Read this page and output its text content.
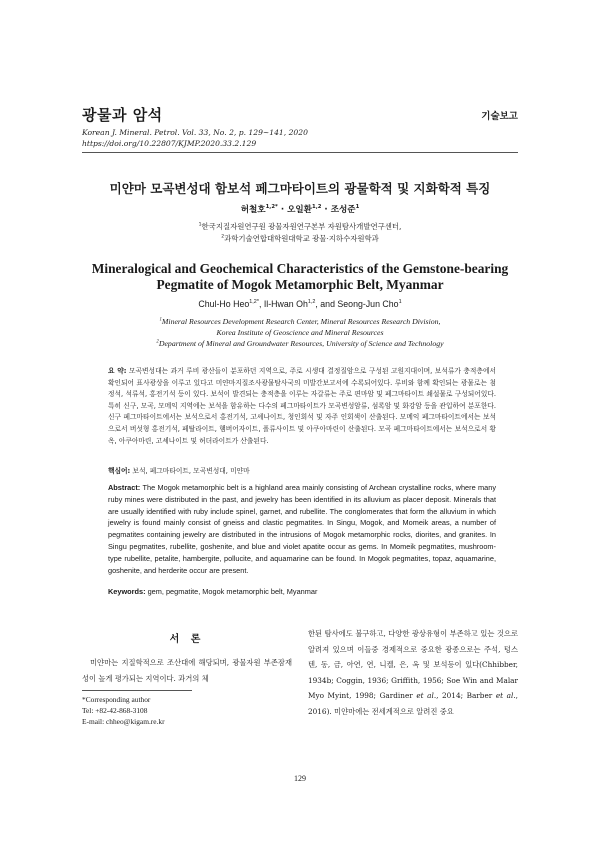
광물과 암석	기술보고
Korean J. Mineral. Petrol. Vol. 33, No. 2, p. 129~141, 2020
https://doi.org/10.22807/KJMP.2020.33.2.129
미얀마 모곡변성대 함보석 페그마타이트의 광물학적 및 지화학적 특징
허철호$^{1,2*}$ · 오일환$^{1,2}$ · 조성준$^1$
$^1$한국지질자원연구원 광물자원연구본부 자원탐사개발연구센터,
$^2$과학기술연합대학원대학교 광물·지하수자원학과
Mineralogical and Geochemical Characteristics of the Gemstone-bearing
Pegmatite of Mogok Metamorphic Belt, Myanmar
Chul-Ho Heo$^{1,2*}$, Il-Hwan Oh$^{1,2}$, and Seong-Jun Cho$^1$
$^1$Mineral Resources Development Research Center, Mineral Resources Research Division,
Korea Institute of Geoscience and Mineral Resources
$^2$Department of Mineral and Groundwater Resources, University of Science and Technology
요 약: 모곡변성대는 과거 루비 광산들이 분포하던 지역으로, 주로 시생대 결정질암으로 구성된 고원지대이며, 보석류가 충적층에서 확인되어 표사광상을 이루고 있다고 미얀마지질조사광물탐사국의 미발간보고서에 수록되어있다. 루비와 함께 확인되는 광물로는 첨정석, 석류석, 홍전기석 등이 있다. 보석이 발견되는 충적층을 이루는 자갈류는 주로 편마암 및 페그마타이트 쇄설물로 구성되어있다. 특히 신구, 모곡, 모메익 지역에는 보석을 함유하는 다수의 페그마타이트가 모곡변성암류, 섬록암 및 화강암 등을 관입하여 분포한다. 신구 페그마타이트에서는 보석으로서 홍전기석, 고셰나이트, 청인회석 및 자주 인회색이 산출된다. 모메익 페그마타이트에서는 보석으로서 버섯형 홍전기석, 페탈라이트, 햄버어자이트, 폴류사이트 및 아쿠아마린이 산출된다. 모곡 페그마타이트에서는 보석으로서 황옥, 아쿠아마린, 고셰나이트 및 허더라이트가 산출된다.
핵심어: 보석, 페그마타이트, 모곡변성대, 미얀마
Abstract: The Mogok metamorphic belt is a highland area mainly consisting of Archean crystalline rocks, where many ruby mines were distributed in the past, and jewelry has been identified in its alluvium as placer deposit. Minerals that are usually identified with ruby include spinel, garnet, and rubellite. The conglomerates that form the alluvium in which jewelry is found mainly consist of gneiss and clastic pegmatites. In Singu, Mogok, and Momeik areas, a number of pegmatites containing jewelry are distributed in the intrusions of Mogok metamorphic rocks, diorites, and granites. In Singu pegmatites, rubellite, goshenite, and blue and violet apatite occur as gems. In Momeik pegmatites, mushroom-type rubellite, petalite, hambergite, pollucite, and aquamarine can be found. In Mogok pegmatites, topaz, aquamarine, goshenite, and herderite occur are present.
Keywords: gem, pegmatite, Mogok metamorphic belt, Myanmar
서 론
미얀마는 지질학적으로 조산대에 해당되며, 광물자원 부존잠재성이 높게 평가되는 지역이다. 과거의 체
*Corresponding author
Tel: +82-42-868-3108
E-mail: chheo@kigam.re.kr
한된 탐사에도 불구하고, 다양한 광상유형이 부존하고 있는 것으로 알려져 있으며 이들중 경제적으로 중요한 광종으로는 주석, 텅스텐, 동, 금, 아연, 연, 니켈, 은, 옥 및 보석등이 있다(Chhibber, 1934b; Coggin, 1936; Griffith, 1956; Soe Win and Malar Myo Myint, 1998; Gardiner et al., 2014; Barber et al., 2016). 미얀마에는 전세계적으로 알려진 중요
129
